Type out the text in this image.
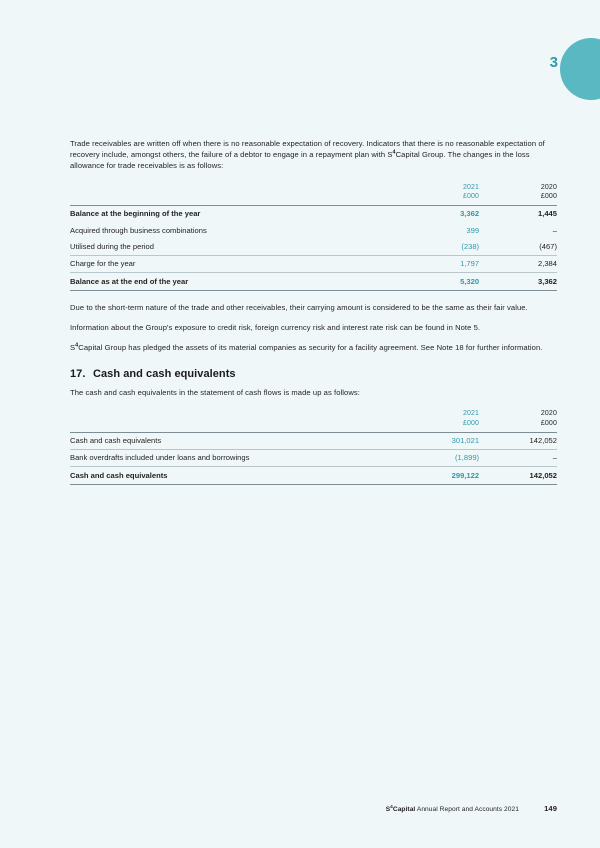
3

Trade receivables are written off when there is no reasonable expectation of recovery. Indicators that there is no reasonable expectation of recovery include, amongst others, the failure of a debtor to engage in a repayment plan with $S^4Capital$ Group. The changes in the loss allowance for trade receivables is as follows:

	2021	2020
	£000	£000
Balance at the beginning of the year	3,362	1,445
Acquired through business combinations	399	–
Utilised during the period	(238)	(467)
Charge for the year	1,797	2,384
Balance as at the end of the year	5,320	3,362

Due to the short-term nature of the trade and other receivables, their carrying amount is considered to be the same as their fair value.

Information about the Group's exposure to credit risk, foreign currency risk and interest rate risk can be found in Note 5.

$S^4Capital$ Group has pledged the assets of its material companies as security for a facility agreement. See Note 18 for further information.

17. Cash and cash equivalents

The cash and cash equivalents in the statement of cash flows is made up as follows:

	2021	2020
	£000	£000
Cash and cash equivalents	301,021	142,052
Bank overdrafts included under loans and borrowings	(1,899)	–
Cash and cash equivalents	299,122	142,052
$S^4Capital$ Annual Report and Accounts 2021	149
